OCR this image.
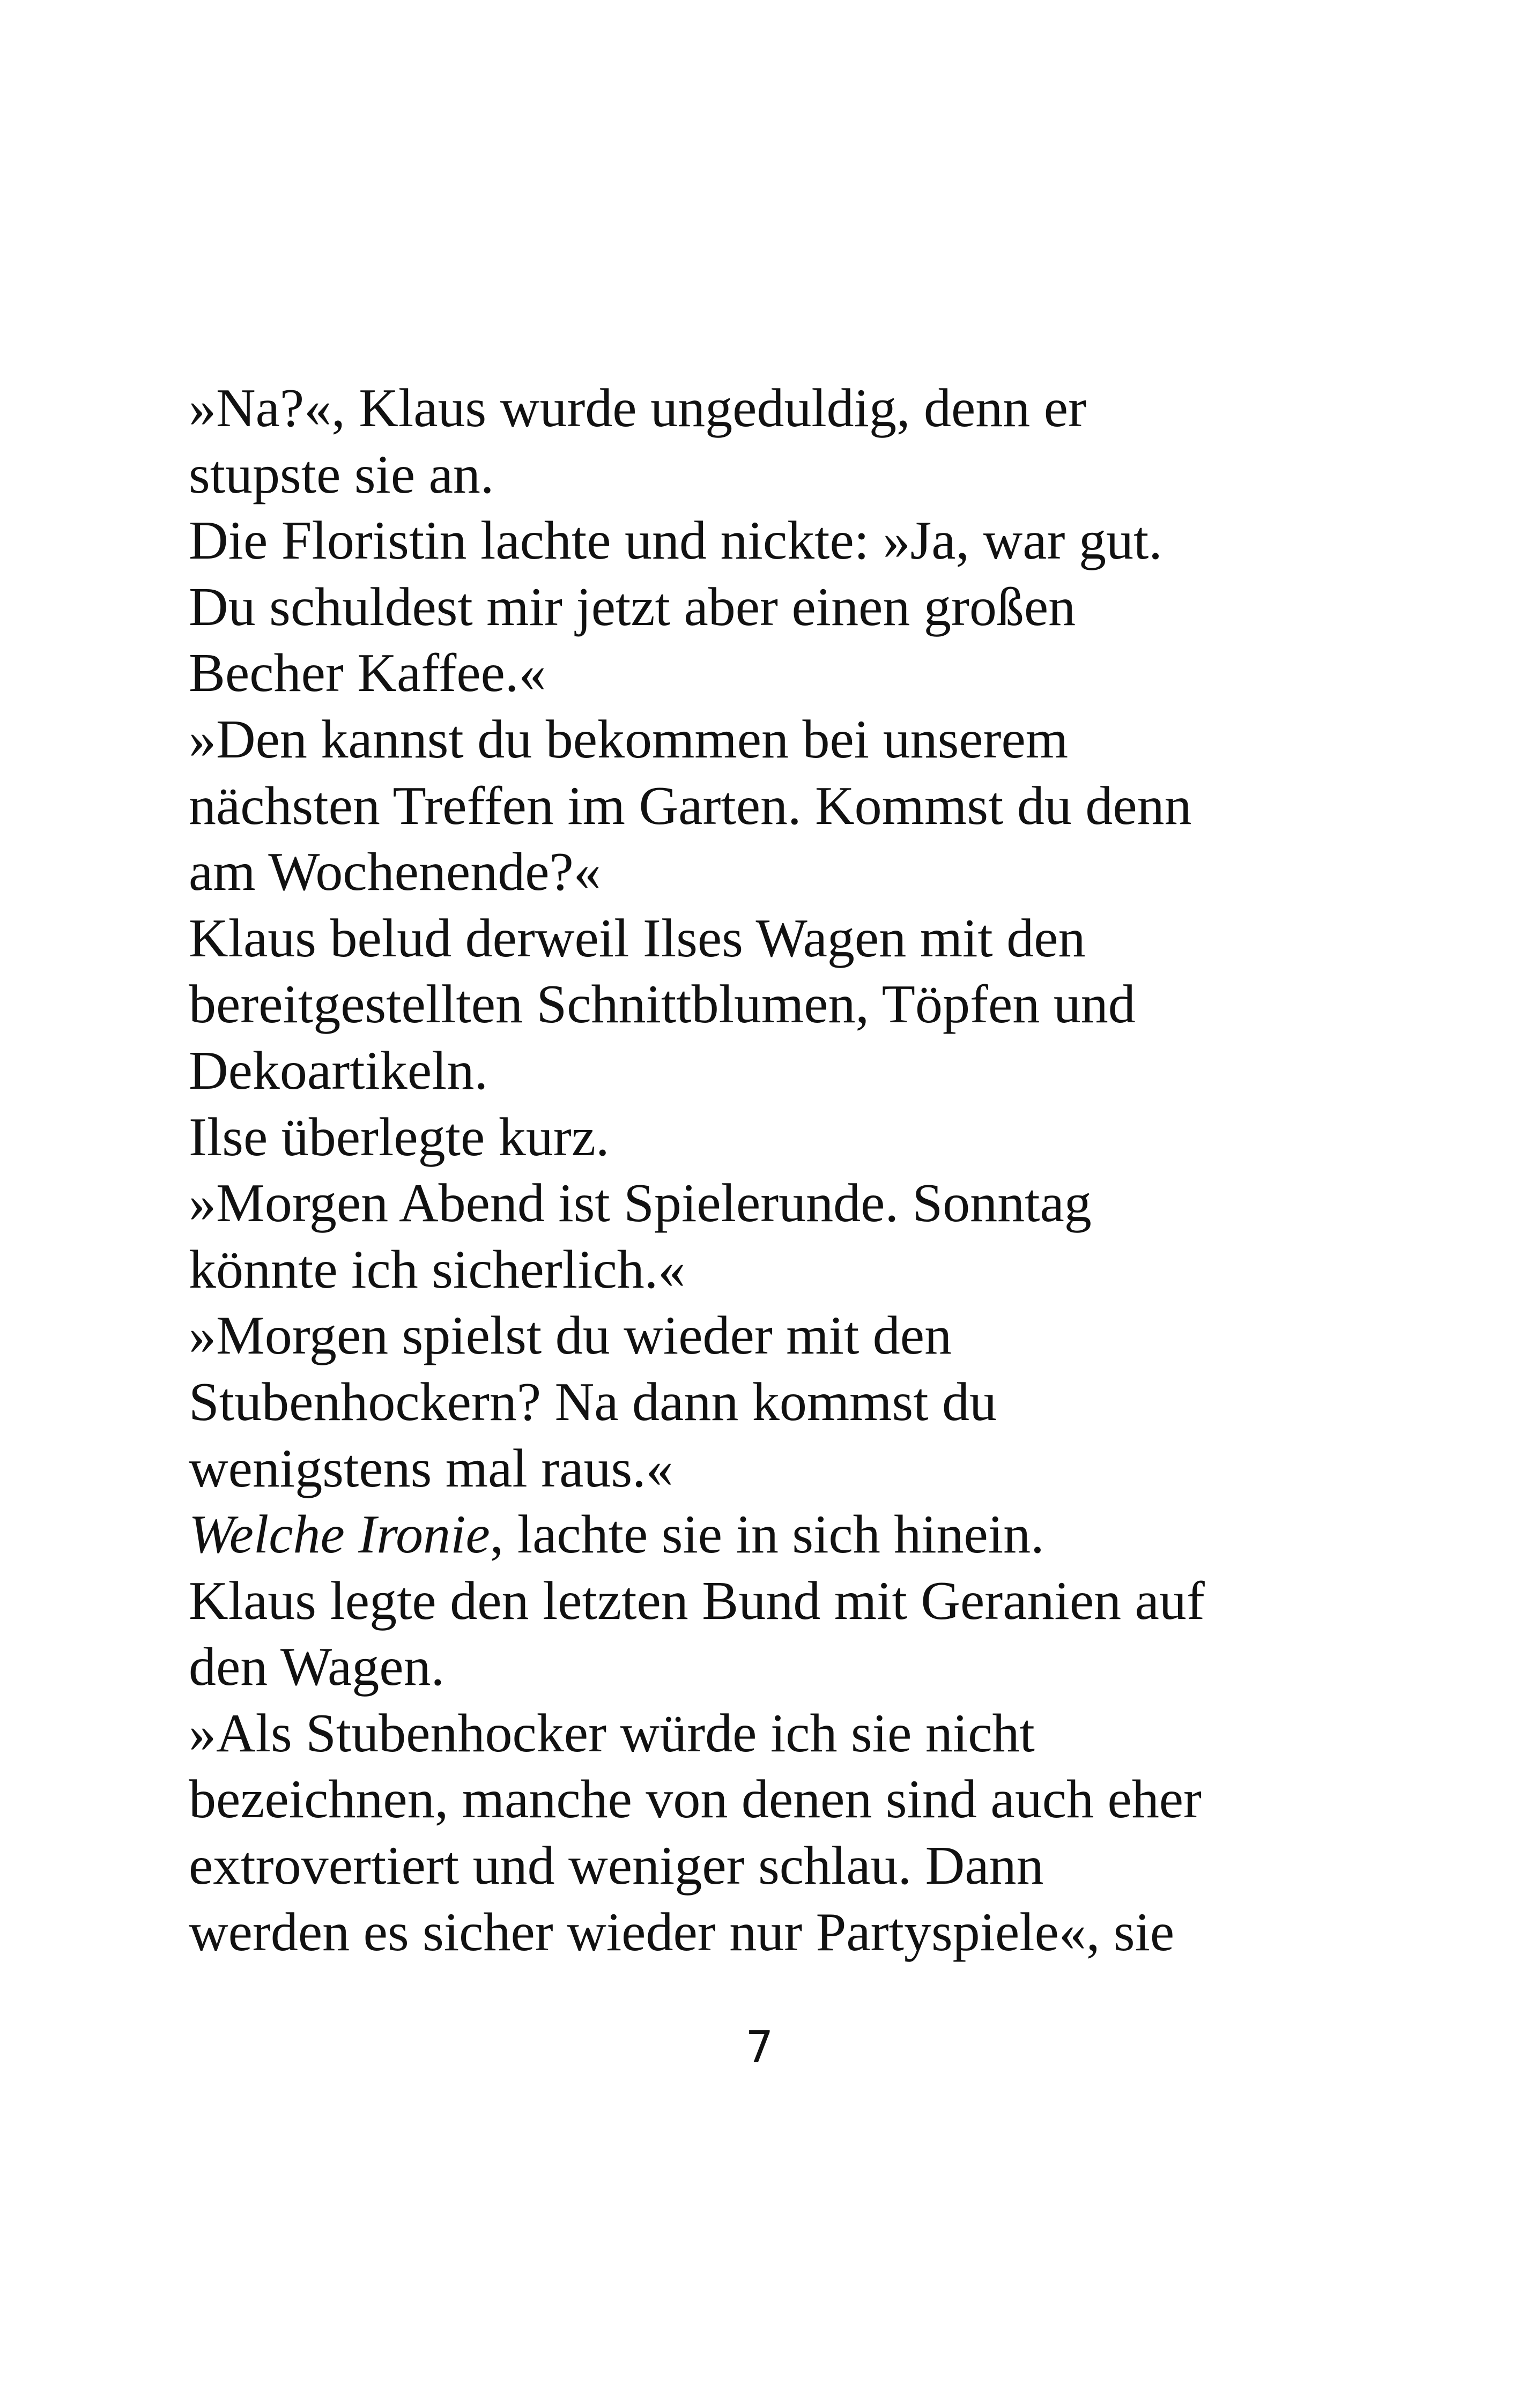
»Na?«, Klaus wurde ungeduldig, denn er
stupste sie an.
Die Floristin lachte und nickte: »Ja, war gut.
Du schuldest mir jetzt aber einen großen
Becher Kaffee.«
»Den kannst du bekommen bei unserem
nächsten Treffen im Garten. Kommst du denn
am Wochenende?«
Klaus belud derweil Ilses Wagen mit den
bereitgestellten Schnittblumen, Töpfen und
Dekoartikeln.
Ilse überlegte kurz.
»Morgen Abend ist Spielerunde. Sonntag
könnte ich sicherlich.«
»Morgen spielst du wieder mit den
Stubenhockern? Na dann kommst du
wenigstens mal raus.«
Welche Ironie, lachte sie in sich hinein.
Klaus legte den letzten Bund mit Geranien auf
den Wagen.
»Als Stubenhocker würde ich sie nicht
bezeichnen, manche von denen sind auch eher
extrovertiert und weniger schlau. Dann
werden es sicher wieder nur Partyspiele«, sie
7
